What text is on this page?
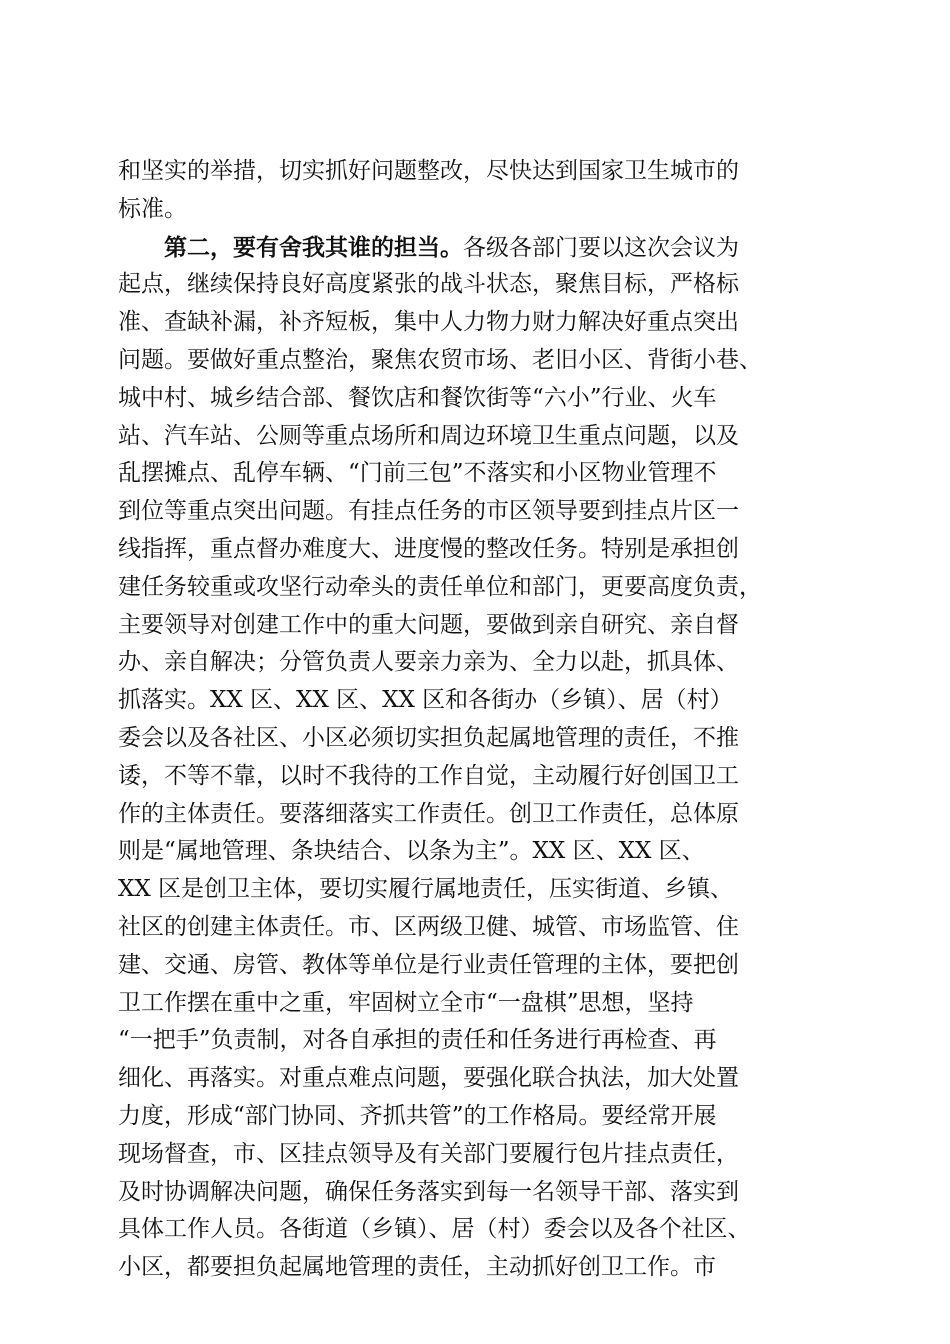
和坚实的举措，切实抓好问题整改，尽快达到国家卫生城市的
标准。
第二，要有舍我其谁的担当。各级各部门要以这次会议为
起点，继续保持良好高度紧张的战斗状态，聚焦目标，严格标
准、查缺补漏，补齐短板，集中人力物力财力解决好重点突出
问题。要做好重点整治，聚焦农贸市场、老旧小区、背街小巷、
城中村、城乡结合部、餐饮店和餐饮街等“六小”行业、火车
站、汽车站、公厕等重点场所和周边环境卫生重点问题，以及
乱摆摊点、乱停车辆、“门前三包”不落实和小区物业管理不
到位等重点突出问题。有挂点任务的市区领导要到挂点片区一
线指挥，重点督办难度大、进度慢的整改任务。特别是承担创
建任务较重或攻坚行动牵头的责任单位和部门，更要高度负责，
主要领导对创建工作中的重大问题，要做到亲自研究、亲自督
办、亲自解决；分管负责人要亲力亲为、全力以赴，抓具体、
抓落实。XX 区、XX 区、XX 区和各街办（乡镇）、居（村）
委会以及各社区、小区必须切实担负起属地管理的责任，不推
诿，不等不靠，以时不我待的工作自觉，主动履行好创国卫工
作的主体责任。要落细落实工作责任。创卫工作责任，总体原
则是“属地管理、条块结合、以条为主”。XX 区、XX 区、
XX 区是创卫主体，要切实履行属地责任，压实街道、乡镇、
社区的创建主体责任。市、区两级卫健、城管、市场监管、住
建、交通、房管、教体等单位是行业责任管理的主体，要把创
卫工作摆在重中之重，牢固树立全市“一盘棋”思想，坚持
“一把手”负责制，对各自承担的责任和任务进行再检查、再
细化、再落实。对重点难点问题，要强化联合执法，加大处置
力度，形成“部门协同、齐抓共管”的工作格局。要经常开展
现场督查，市、区挂点领导及有关部门要履行包片挂点责任，
及时协调解决问题，确保任务落实到每一名领导干部、落实到
具体工作人员。各街道（乡镇）、居（村）委会以及各个社区、
小区，都要担负起属地管理的责任，主动抓好创卫工作。市
